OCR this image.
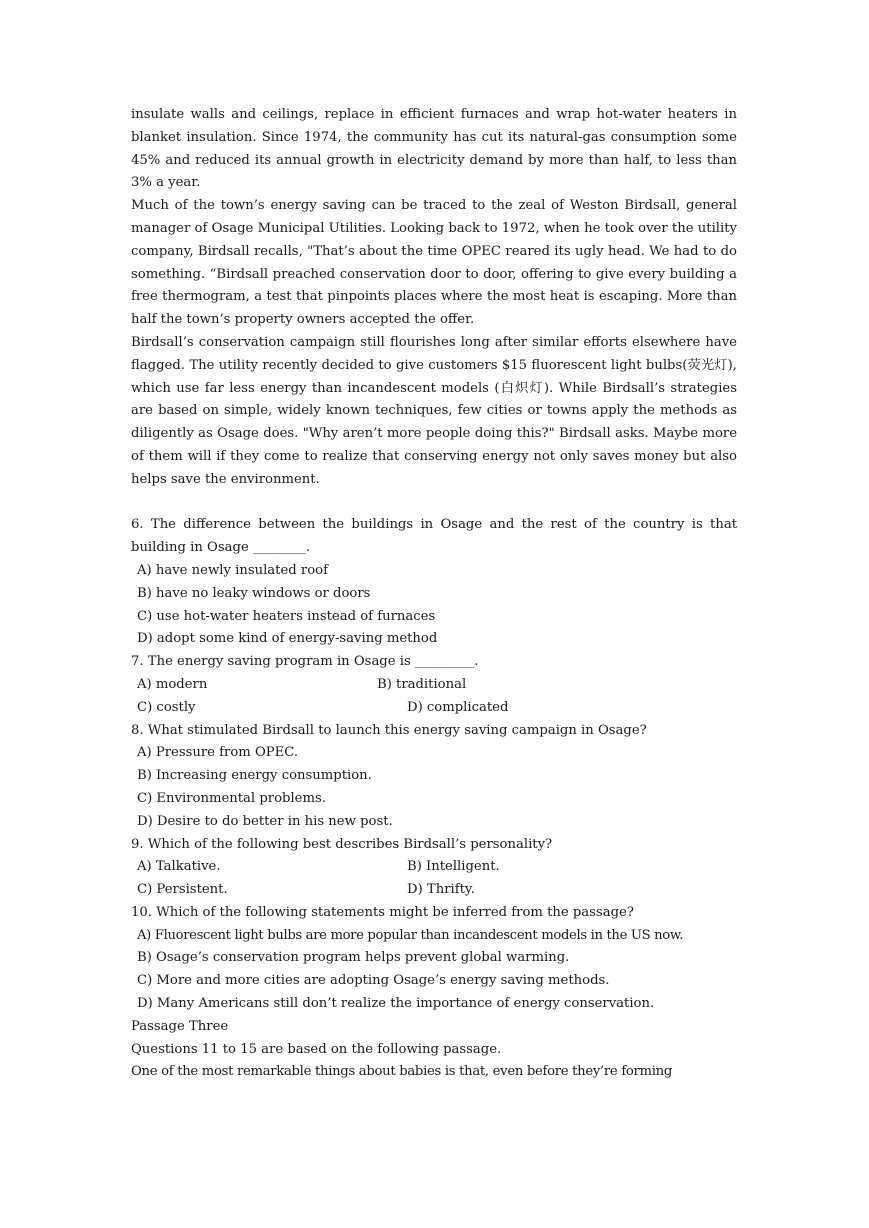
insulate walls and ceilings, replace in efficient furnaces and wrap hot-water heaters in blanket insulation. Since 1974, the community has cut its natural-gas consumption some 45% and reduced its annual growth in electricity demand by more than half, to less than 3% a year.

Much of the town’s energy saving can be traced to the zeal of Weston Birdsall, general manager of Osage Municipal Utilities. Looking back to 1972, when he took over the utility company, Birdsall recalls, "That’s about the time OPEC reared its ugly head. We had to do something. “Birdsall preached conservation door to door, offering to give every building a free thermogram, a test that pinpoints places where the most heat is escaping. More than half the town’s property owners accepted the offer.

Birdsall’s conservation campaign still flourishes long after similar efforts elsewhere have flagged. The utility recently decided to give customers $15 fluorescent light bulbs(荧光灯), which use far less energy than incandescent models (白炽灯). While Birdsall’s strategies are based on simple, widely known techniques, few cities or towns apply the methods as diligently as Osage does. "Why aren’t more people doing this?" Birdsall asks. Maybe more of them will if they come to realize that conserving energy not only saves money but also helps save the environment.

6. The difference between the buildings in Osage and the rest of the country is that building in Osage ________.

A) have newly insulated roof

B) have no leaky windows or doors

C) use hot-water heaters instead of furnaces

D) adopt some kind of energy-saving method

7. The energy saving program in Osage is _________.

A) modern	B) traditional
C) costly	D) complicated

8. What stimulated Birdsall to launch this energy saving campaign in Osage?

A) Pressure from OPEC.

B) Increasing energy consumption.

C) Environmental problems.

D) Desire to do better in his new post.

9. Which of the following best describes Birdsall’s personality?

A) Talkative.	B) Intelligent.
C) Persistent.	D) Thrifty.

10. Which of the following statements might be inferred from the passage?

A) Fluorescent light bulbs are more popular than incandescent models in the US now.

B) Osage’s conservation program helps prevent global warming.

C) More and more cities are adopting Osage’s energy saving methods.

D) Many Americans still don’t realize the importance of energy conservation.

Passage Three

Questions 11 to 15 are based on the following passage.

One of the most remarkable things about babies is that, even before they’re forming
